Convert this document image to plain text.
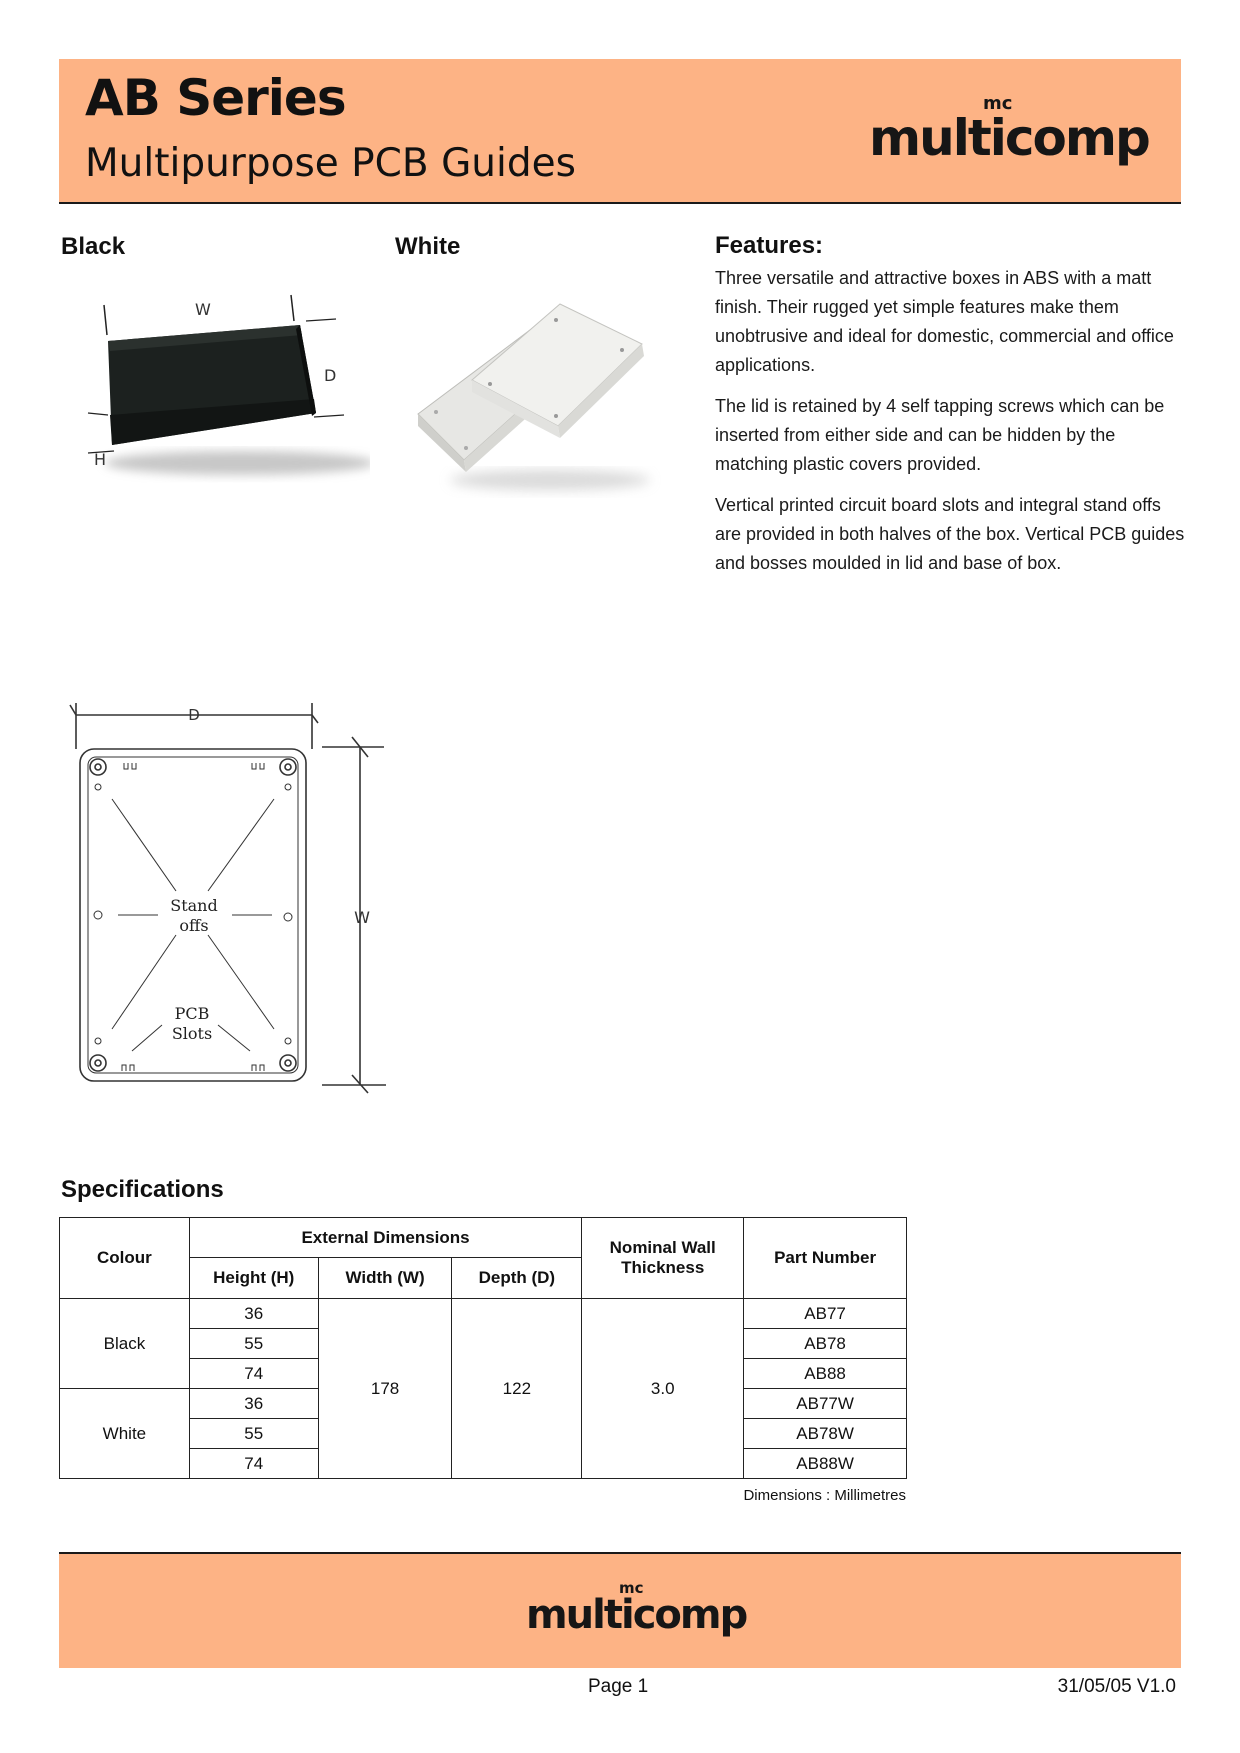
AB Series
Multipurpose PCB Guides	multicomp
mc
Black	White	Features:

Three versatile and attractive boxes in ABS with a matt finish. Their rugged yet simple features make them unobtrusive and ideal for domestic, commercial and office applications.

The lid is retained by 4 self tapping screws which can be inserted from either side and can be hidden by the matching plastic covers provided.

Vertical printed circuit board slots and integral stand offs are provided in both halves of the box. Vertical PCB guides and bosses moulded in lid and base of box.

W
D
H
D
W
Stand
offs
PCB
Slots
Specifications
Colour	External Dimensions			Nominal Wall Thickness	Part Number
	Height (H)	Width (W)	Depth (D)		
Black	36	178	122	3.0	AB77
	55				AB78
	74				AB88
White	36				AB77W
	55				AB78W
	74				AB88W
Dimensions : Millimetres
multicomp
mc
Page 1	31/05/05 V1.0
